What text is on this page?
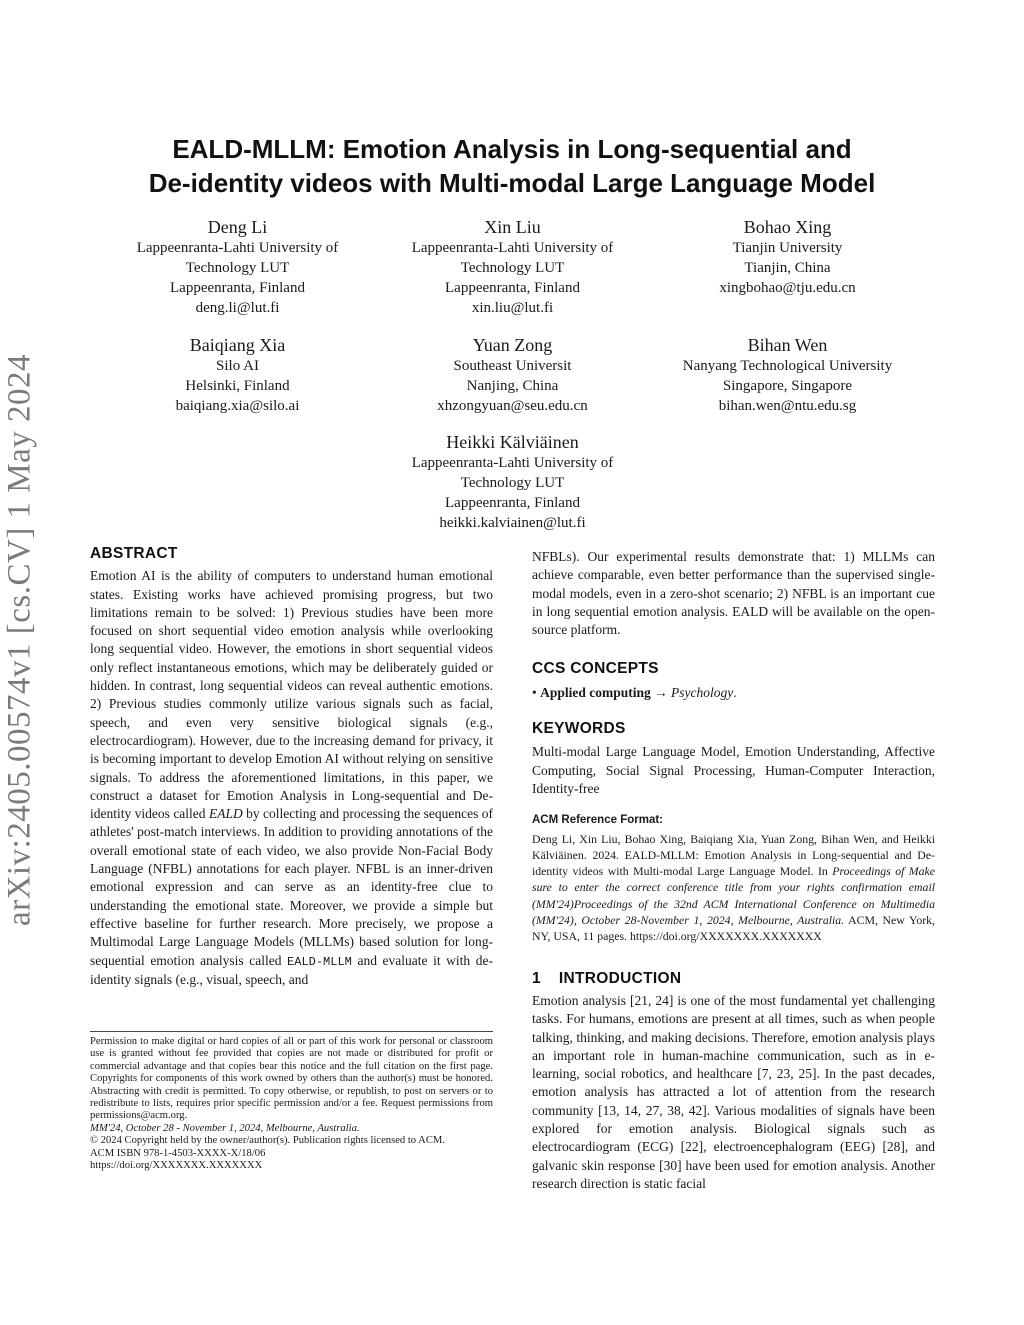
arXiv:2405.00574v1 [cs.CV] 1 May 2024
EALD-MLLM: Emotion Analysis in Long-sequential and
De-identity videos with Multi-modal Large Language Model
Deng Li
Lappeenranta-Lahti University of
Technology LUT
Lappeenranta, Finland
deng.li@lut.fi
Xin Liu
Lappeenranta-Lahti University of
Technology LUT
Lappeenranta, Finland
xin.liu@lut.fi
Bohao Xing
Tianjin University
Tianjin, China
xingbohao@tju.edu.cn
Baiqiang Xia
Silo AI
Helsinki, Finland
baiqiang.xia@silo.ai
Yuan Zong
Southeast Universit
Nanjing, China
xhzongyuan@seu.edu.cn
Bihan Wen
Nanyang Technological University
Singapore, Singapore
bihan.wen@ntu.edu.sg
Heikki Kälviäinen
Lappeenranta-Lahti University of
Technology LUT
Lappeenranta, Finland
heikki.kalviainen@lut.fi
ABSTRACT

Emotion AI is the ability of computers to understand human emotional states. Existing works have achieved promising progress, but two limitations remain to be solved: 1) Previous studies have been more focused on short sequential video emotion analysis while overlooking long sequential video. However, the emotions in short sequential videos only reflect instantaneous emotions, which may be deliberately guided or hidden. In contrast, long sequential videos can reveal authentic emotions. 2) Previous studies commonly utilize various signals such as facial, speech, and even very sensitive biological signals (e.g., electrocardiogram). However, due to the increasing demand for privacy, it is becoming important to develop Emotion AI without relying on sensitive signals. To address the aforementioned limitations, in this paper, we construct a dataset for Emotion Analysis in Long-sequential and De-identity videos called EALD by collecting and processing the sequences of athletes' post-match interviews. In addition to providing annotations of the overall emotional state of each video, we also provide Non-Facial Body Language (NFBL) annotations for each player. NFBL is an inner-driven emotional expression and can serve as an identity-free clue to understanding the emotional state. Moreover, we provide a simple but effective baseline for further research. More precisely, we propose a Multimodal Large Language Models (MLLMs) based solution for long-sequential emotion analysis called EALD-MLLM and evaluate it with de-identity signals (e.g., visual, speech, and

Permission to make digital or hard copies of all or part of this work for personal or classroom use is granted without fee provided that copies are not made or distributed for profit or commercial advantage and that copies bear this notice and the full citation on the first page. Copyrights for components of this work owned by others than the author(s) must be honored. Abstracting with credit is permitted. To copy otherwise, or republish, to post on servers or to redistribute to lists, requires prior specific permission and/or a fee. Request permissions from permissions@acm.org.

MM'24, October 28 - November 1, 2024, Melbourne, Australia.

© 2024 Copyright held by the owner/author(s). Publication rights licensed to ACM.

ACM ISBN 978-1-4503-XXXX-X/18/06

https://doi.org/XXXXXXX.XXXXXXX

NFBLs). Our experimental results demonstrate that: 1) MLLMs can achieve comparable, even better performance than the supervised single-modal models, even in a zero-shot scenario; 2) NFBL is an important cue in long sequential emotion analysis. EALD will be available on the open-source platform.

CCS CONCEPTS

• Applied computing → Psychology.

KEYWORDS

Multi-modal Large Language Model, Emotion Understanding, Affective Computing, Social Signal Processing, Human-Computer Interaction, Identity-free

ACM Reference Format:

Deng Li, Xin Liu, Bohao Xing, Baiqiang Xia, Yuan Zong, Bihan Wen, and Heikki Kälviäinen. 2024. EALD-MLLM: Emotion Analysis in Long-sequential and De-identity videos with Multi-modal Large Language Model. In Proceedings of Make sure to enter the correct conference title from your rights confirmation email (MM'24)Proceedings of the 32nd ACM International Conference on Multimedia (MM'24), October 28-November 1, 2024, Melbourne, Australia. ACM, New York, NY, USA, 11 pages. https://doi.org/XXXXXXX.XXXXXXX

1 INTRODUCTION

Emotion analysis [21, 24] is one of the most fundamental yet challenging tasks. For humans, emotions are present at all times, such as when people talking, thinking, and making decisions. Therefore, emotion analysis plays an important role in human-machine communication, such as in e-learning, social robotics, and healthcare [7, 23, 25]. In the past decades, emotion analysis has attracted a lot of attention from the research community [13, 14, 27, 38, 42]. Various modalities of signals have been explored for emotion analysis. Biological signals such as electrocardiogram (ECG) [22], electroencephalogram (EEG) [28], and galvanic skin response [30] have been used for emotion analysis. Another research direction is static facial
